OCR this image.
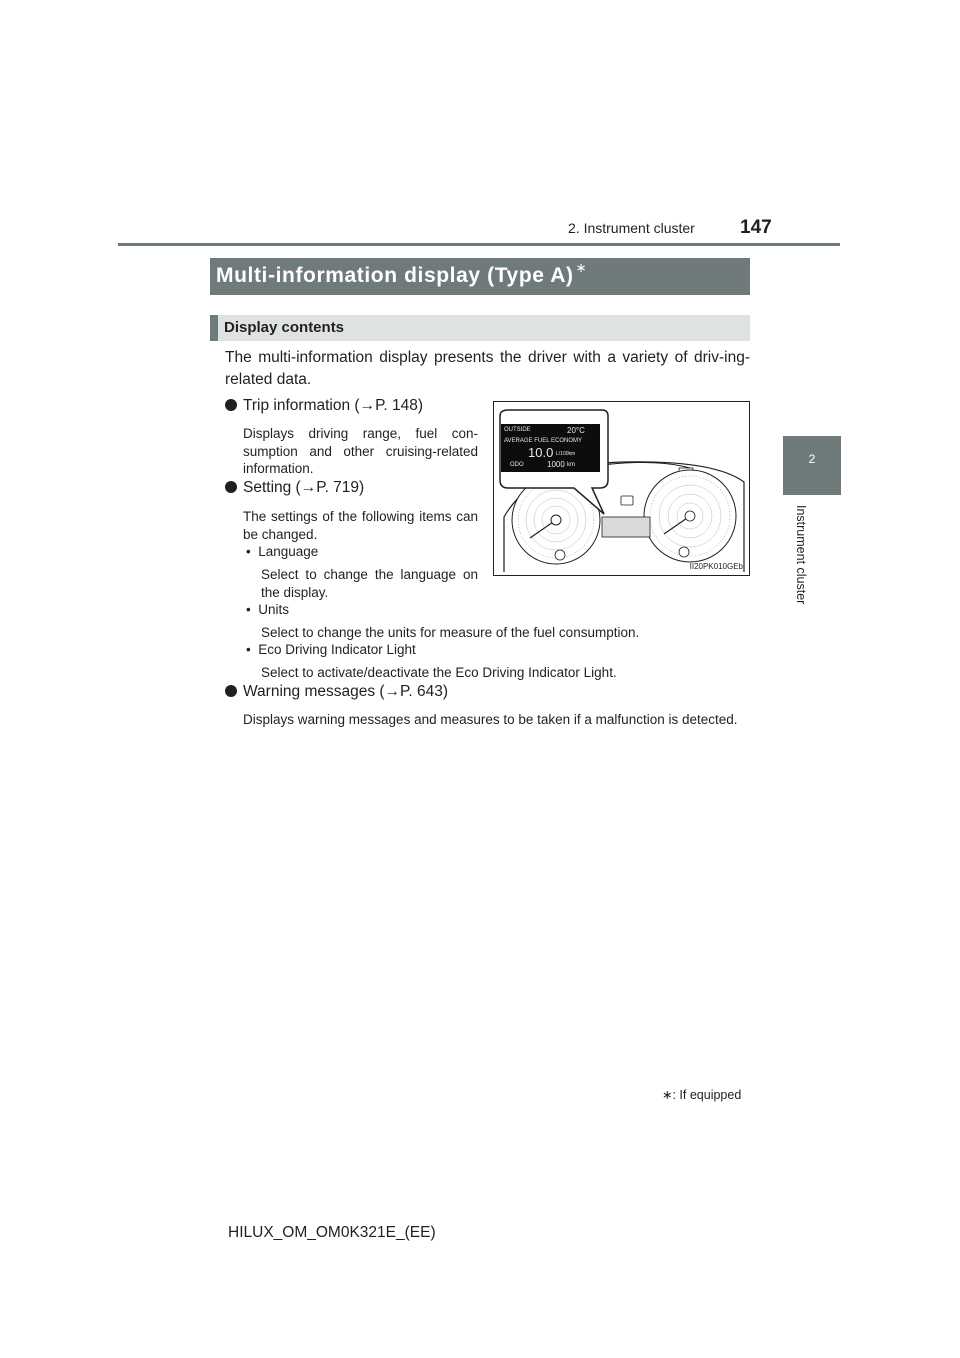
2. Instrument cluster 147
2
Instrument cluster
Multi-information display (Type A) ∗
Display contents
The multi-information display presents the driver with a variety of driv-ing-related data.
Trip information (→P. 148)
Displays driving range, fuel con-sumption and other cruising-related information.
Setting (→P. 719)
The settings of the following items can be changed.
•  Language
Select to change the language on the display.
•  Units
Select to change the units for measure of the fuel consumption.
•  Eco Driving Indicator Light
Select to activate/deactivate the Eco Driving Indicator Light.
Warning messages (→P. 643)
Displays warning messages and measures to be taken if a malfunction is detected.
OUTSIDE	20°C
AVERAGE FUEL ECONOMY
10.0 L/100km
ODO	1000 km
II20PK010GEb
∗: If equipped
HILUX_OM_OM0K321E_(EE)
